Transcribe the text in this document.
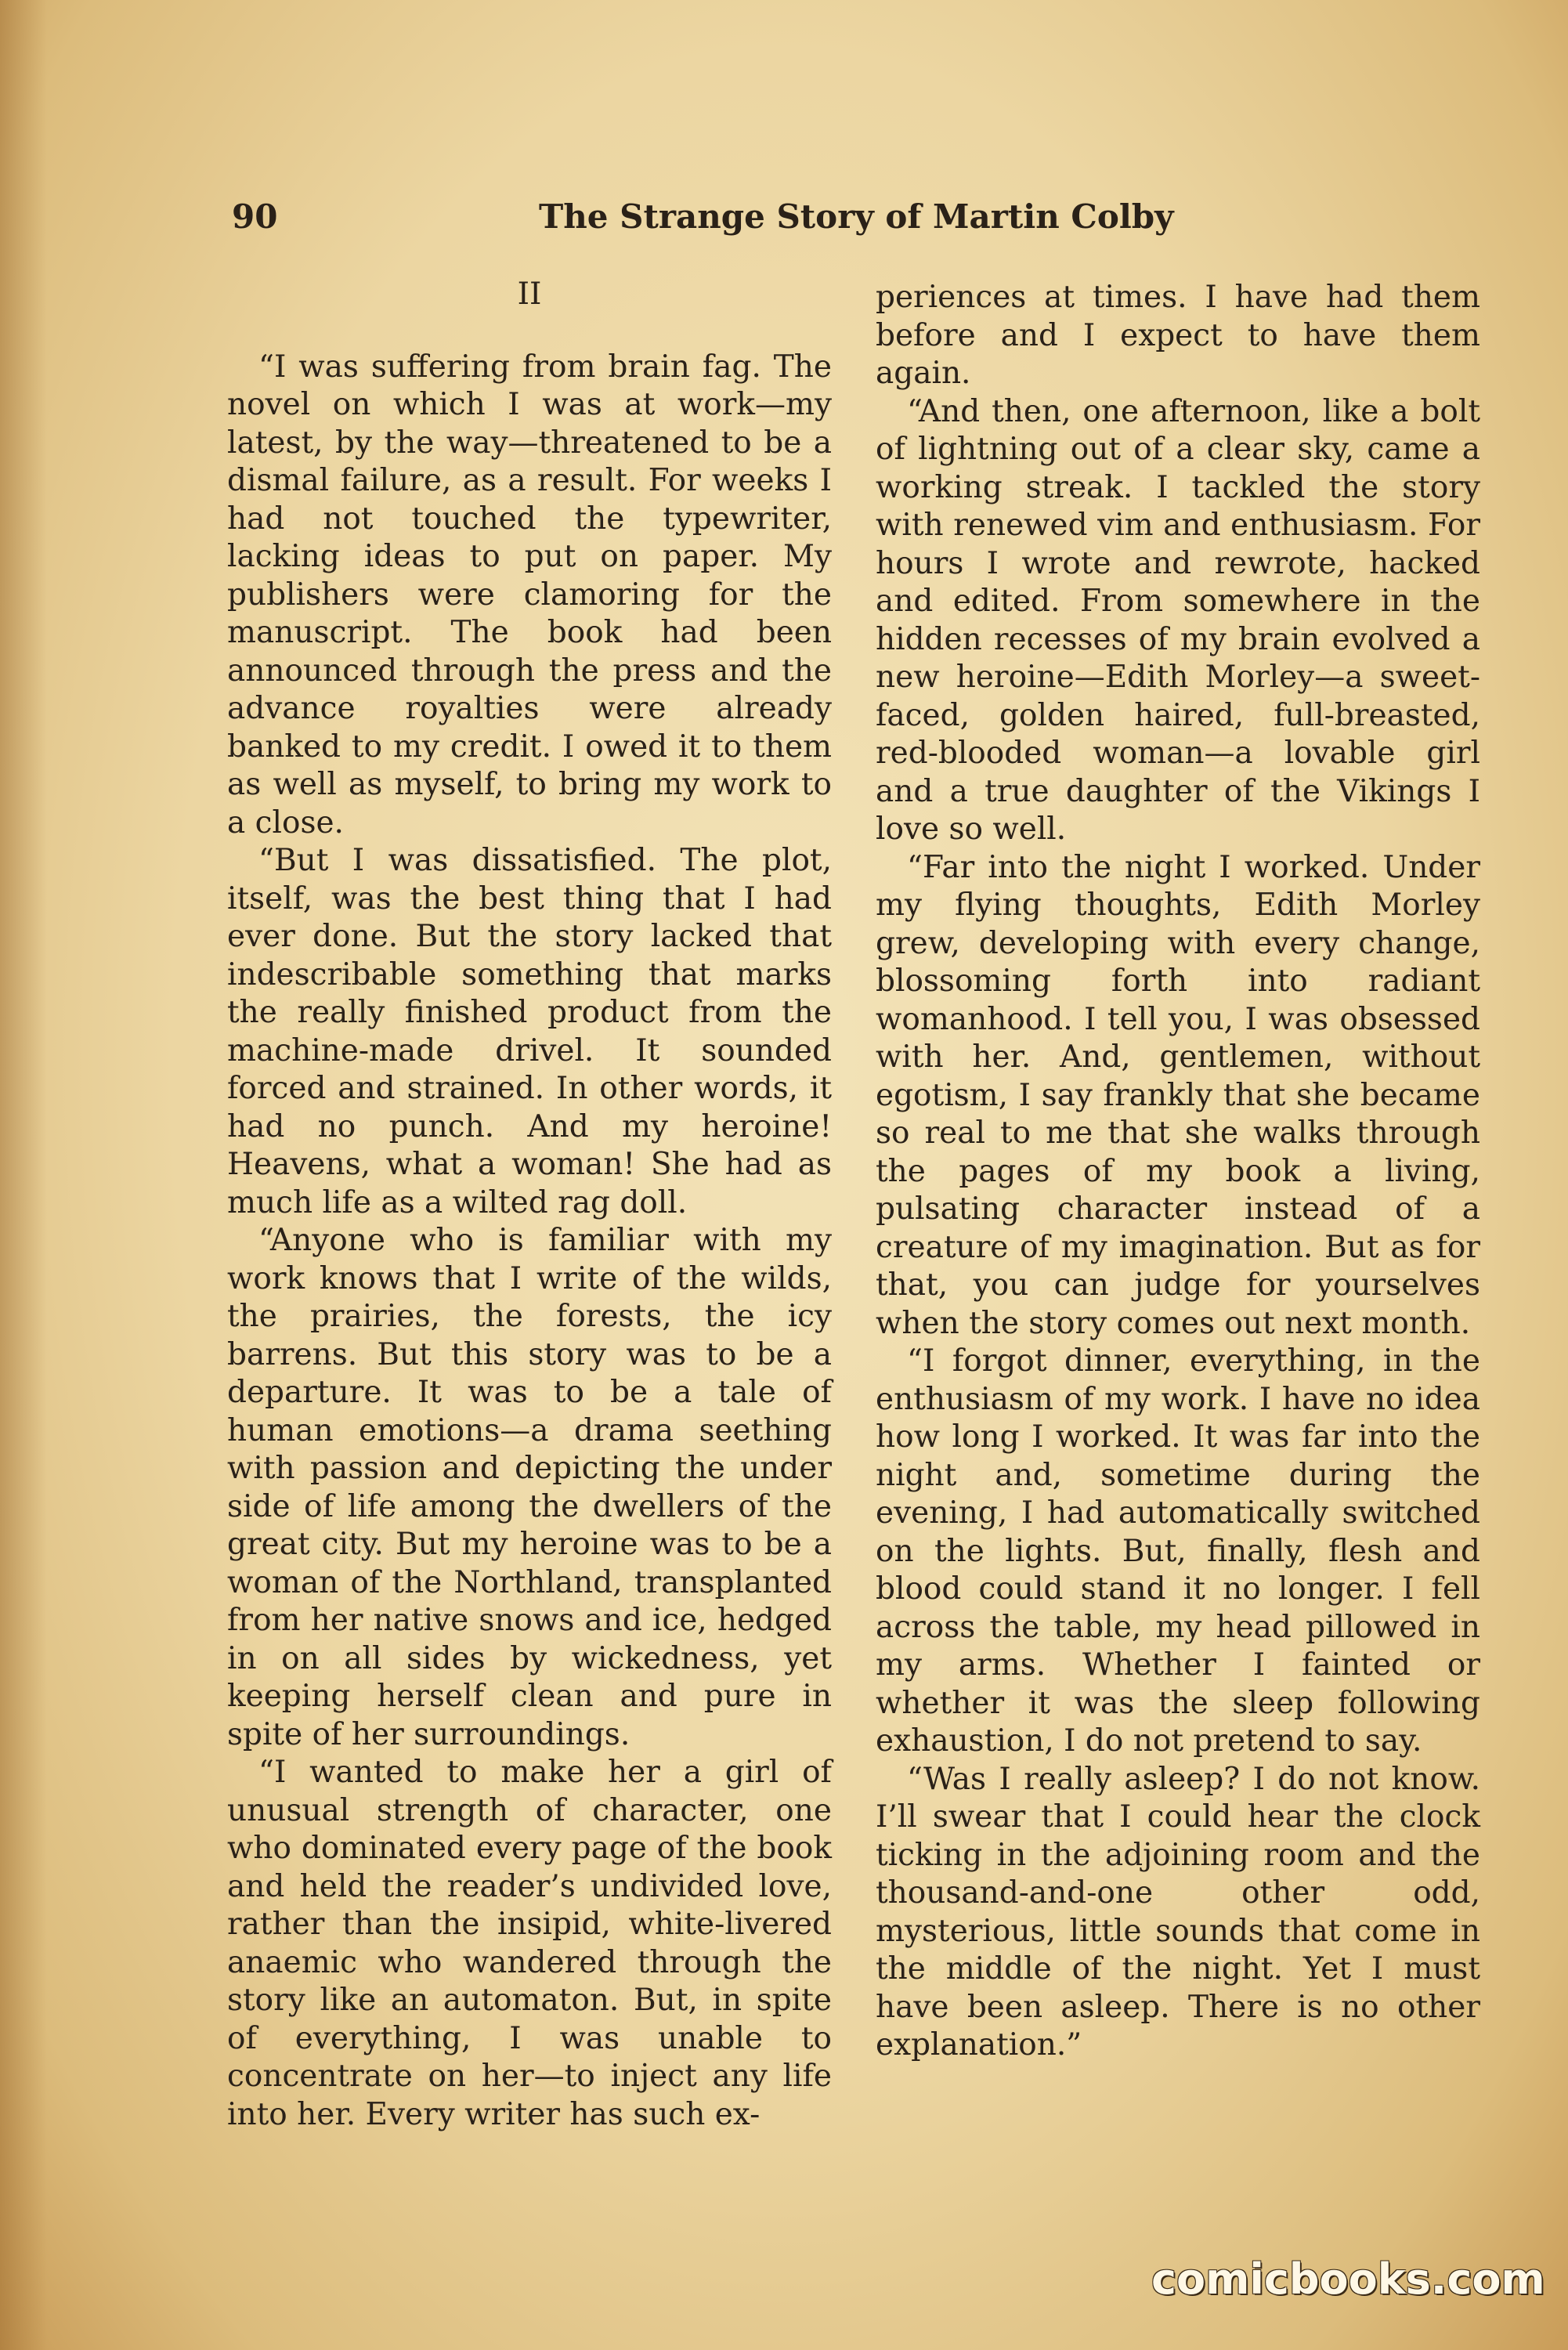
90	The Strange Story of Martin Colby
II

“I was suffering from brain fag. The novel on which I was at work—my latest, by the way—threatened to be a dismal failure, as a result. For weeks I had not touched the typewriter, lacking ideas to put on paper. My publishers were clamoring for the manuscript. The book had been announced through the press and the advance royalties were already banked to my credit. I owed it to them as well as myself, to bring my work to a close.

“But I was dissatisfied. The plot, itself, was the best thing that I had ever done. But the story lacked that indescribable something that marks the really finished product from the machine-made drivel. It sounded forced and strained. In other words, it had no punch. And my heroine! Heavens, what a woman! She had as much life as a wilted rag doll.

“Anyone who is familiar with my work knows that I write of the wilds, the prairies, the forests, the icy barrens. But this story was to be a departure. It was to be a tale of human emotions—a drama seething with passion and depicting the under side of life among the dwellers of the great city. But my heroine was to be a woman of the Northland, transplanted from her native snows and ice, hedged in on all sides by wickedness, yet keeping herself clean and pure in spite of her surroundings.

“I wanted to make her a girl of unusual strength of character, one who dominated every page of the book and held the reader’s undivided love, rather than the insipid, white-livered anaemic who wandered through the story like an automaton. But, in spite of everything, I was unable to concentrate on her—to inject any life into her. Every writer has such ex-

periences at times. I have had them before and I expect to have them again.

“And then, one afternoon, like a bolt of lightning out of a clear sky, came a working streak. I tackled the story with renewed vim and enthusiasm. For hours I wrote and rewrote, hacked and edited. From somewhere in the hidden recesses of my brain evolved a new heroine—Edith Morley—a sweet-faced, golden haired, full-breasted, red-blooded woman—a lovable girl and a true daughter of the Vikings I love so well.

“Far into the night I worked. Under my flying thoughts, Edith Morley grew, developing with every change, blossoming forth into radiant womanhood. I tell you, I was obsessed with her. And, gentlemen, without egotism, I say frankly that she became so real to me that she walks through the pages of my book a living, pulsating character instead of a creature of my imagination. But as for that, you can judge for yourselves when the story comes out next month.

“I forgot dinner, everything, in the enthusiasm of my work. I have no idea how long I worked. It was far into the night and, sometime during the evening, I had automatically switched on the lights. But, finally, flesh and blood could stand it no longer. I fell across the table, my head pillowed in my arms. Whether I fainted or whether it was the sleep following exhaustion, I do not pretend to say.

“Was I really asleep? I do not know. I’ll swear that I could hear the clock ticking in the adjoining room and the thousand-and-one other odd, mysterious, little sounds that come in the middle of the night. Yet I must have been asleep. There is no other explanation.”

comicbooks.com
